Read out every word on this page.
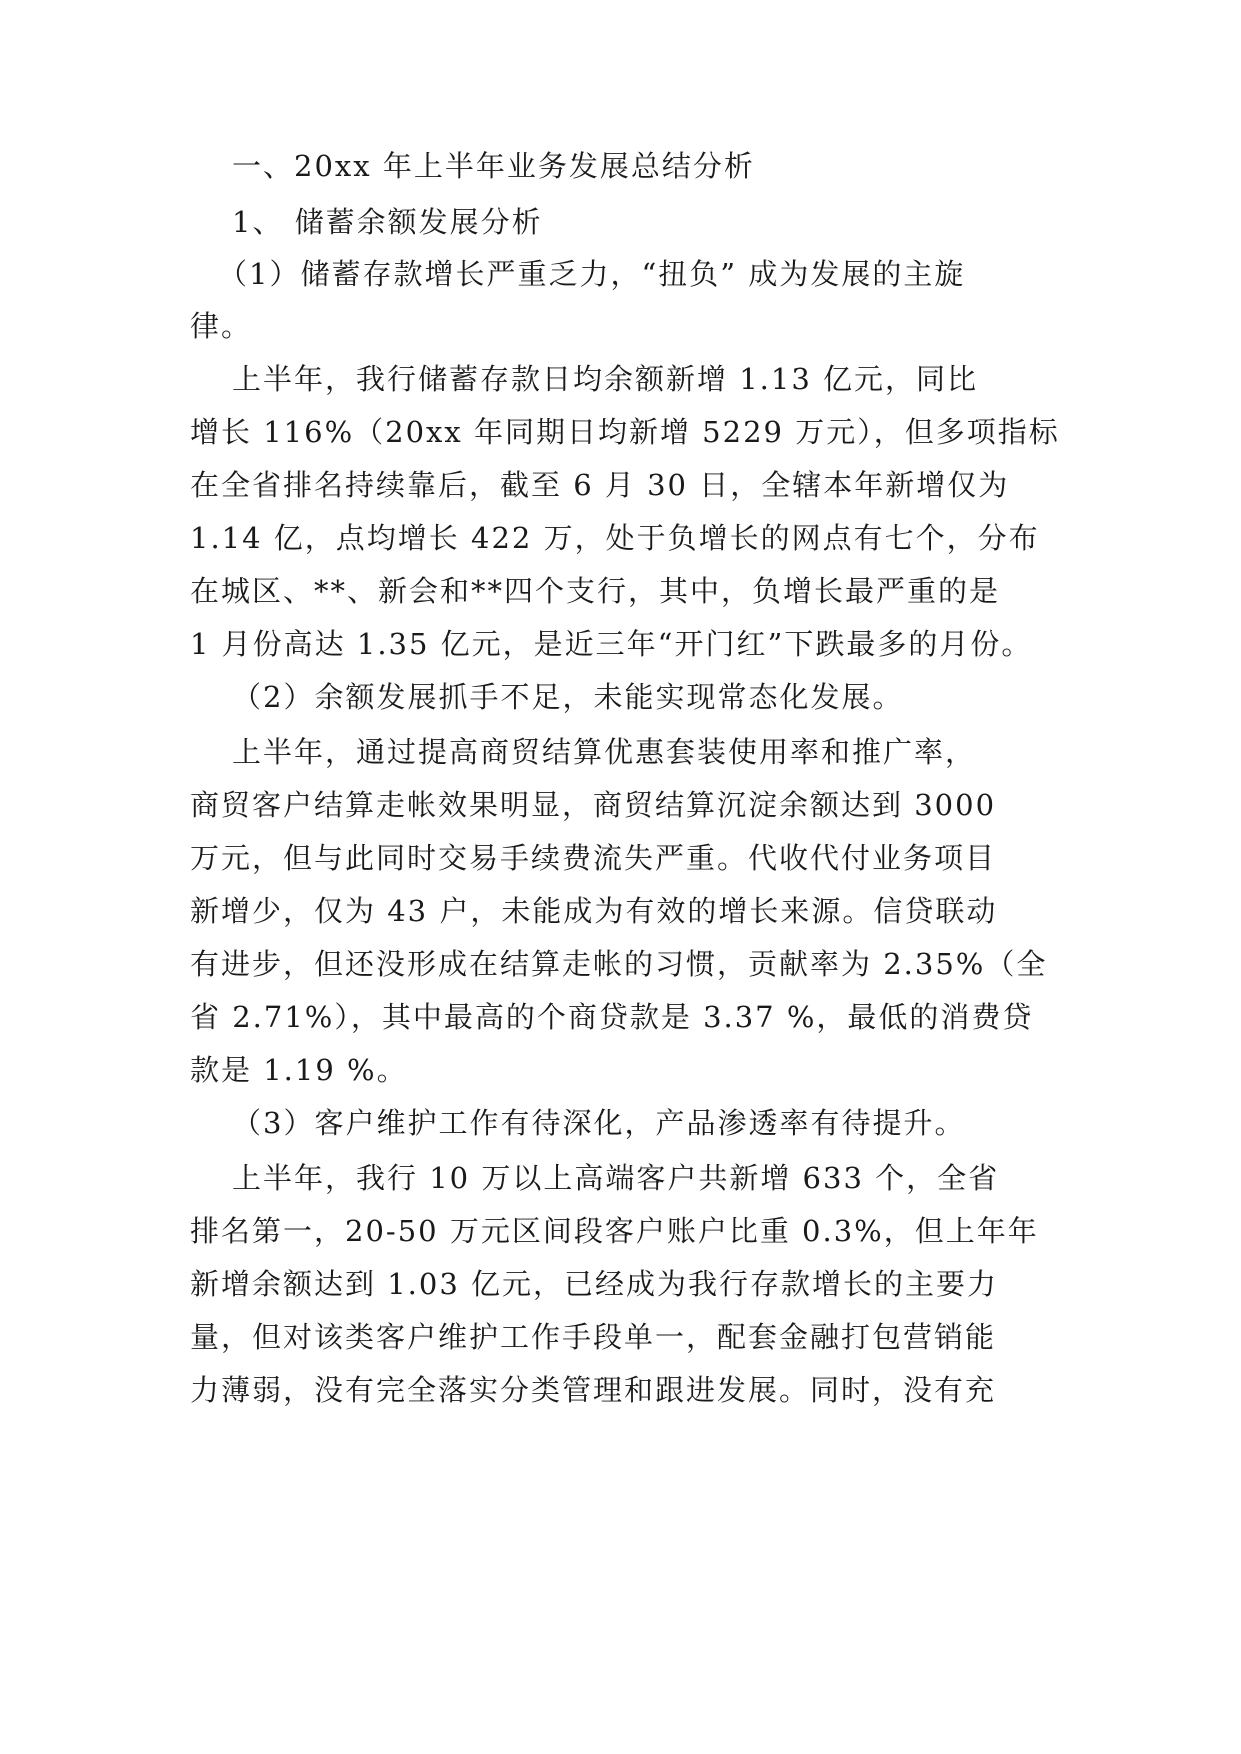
一、20xx 年上半年业务发展总结分析
1、 储蓄余额发展分析
（1）储蓄存款增长严重乏力，“扭负” 成为发展的主旋
律。
上半年，我行储蓄存款日均余额新增 1.13 亿元，同比
增长 116%（20xx 年同期日均新增 5229 万元），但多项指标
在全省排名持续靠后，截至 6 月 30 日，全辖本年新增仅为
1.14 亿，点均增长 422 万，处于负增长的网点有七个，分布
在城区、**、新会和**四个支行，其中，负增长最严重的是
1 月份高达 1.35 亿元，是近三年“开门红”下跌最多的月份。
（2）余额发展抓手不足，未能实现常态化发展。
上半年，通过提高商贸结算优惠套装使用率和推广率，
商贸客户结算走帐效果明显，商贸结算沉淀余额达到 3000
万元，但与此同时交易手续费流失严重。代收代付业务项目
新增少，仅为 43 户，未能成为有效的增长来源。信贷联动
有进步，但还没形成在结算走帐的习惯，贡献率为 2.35%（全
省 2.71%），其中最高的个商贷款是 3.37 %，最低的消费贷
款是 1.19 %。
（3）客户维护工作有待深化，产品渗透率有待提升。
上半年，我行 10 万以上高端客户共新增 633 个，全省
排名第一，20-50 万元区间段客户账户比重 0.3%，但上年年
新增余额达到 1.03 亿元，已经成为我行存款增长的主要力
量，但对该类客户维护工作手段单一，配套金融打包营销能
力薄弱，没有完全落实分类管理和跟进发展。同时，没有充
